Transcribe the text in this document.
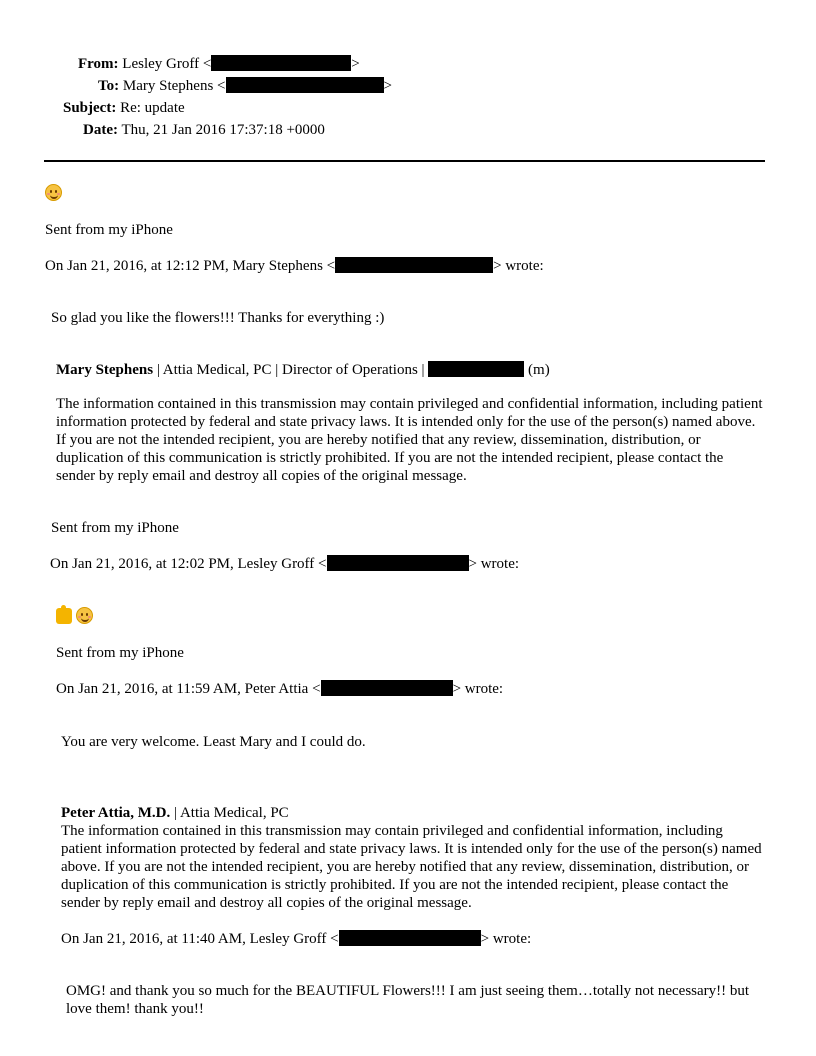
From: Lesley Groff <	>
To: Mary Stephens <	>
Subject: Re: update
Date: Thu, 21 Jan 2016 17:37:18 +0000
Sent from my iPhone
On Jan 21, 2016, at 12:12 PM, Mary Stephens <	> wrote:
So glad you like the flowers!!! Thanks for everything :)
Mary Stephens | Attia Medical, PC | Director of Operations |	(m)
The information contained in this transmission may contain privileged and confidential information, including patient information protected by federal and state privacy laws. It is intended only for the use of the person(s) named above. If you are not the intended recipient, you are hereby notified that any review, dissemination, distribution, or duplication of this communication is strictly prohibited. If you are not the intended recipient, please contact the sender by reply email and destroy all copies of the original message.
Sent from my iPhone
On Jan 21, 2016, at 12:02 PM, Lesley Groff <	> wrote:

Sent from my iPhone
On Jan 21, 2016, at 11:59 AM, Peter Attia <	> wrote:
You are very welcome. Least Mary and I could do.
Peter Attia, M.D. | Attia Medical, PC
The information contained in this transmission may contain privileged and confidential information, including patient information protected by federal and state privacy laws. It is intended only for the use of the person(s) named above. If you are not the intended recipient, you are hereby notified that any review, dissemination, distribution, or duplication of this communication is strictly prohibited. If you are not the intended recipient, please contact the sender by reply email and destroy all copies of the original message.
On Jan 21, 2016, at 11:40 AM, Lesley Groff <	> wrote:
OMG! and thank you so much for the BEAUTIFUL Flowers!!! I am just seeing them…totally not necessary!! but love them! thank you!!
